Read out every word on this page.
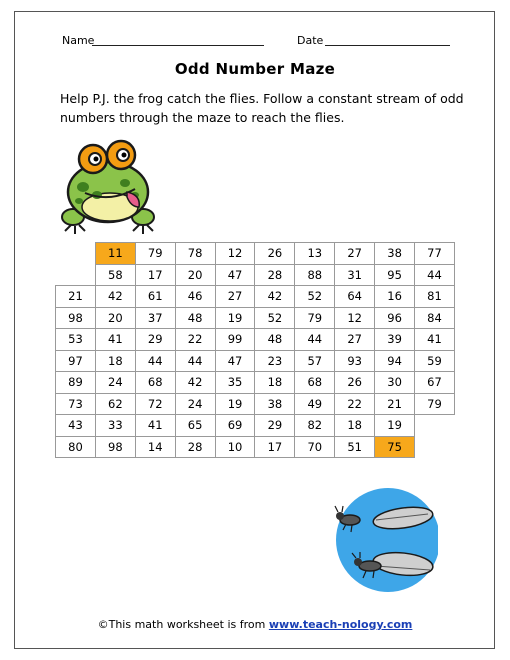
Name	Date
Odd Number Maze
Help P.J. the frog catch the flies. Follow a constant stream of odd numbers through the maze to reach the flies.
	11	79	78	12	26	13	27	38	77
	58	17	20	47	28	88	31	95	44
21	42	61	46	27	42	52	64	16	81
98	20	37	48	19	52	79	12	96	84
53	41	29	22	99	48	44	27	39	41
97	18	44	44	47	23	57	93	94	59
89	24	68	42	35	18	68	26	30	67
73	62	72	24	19	38	49	22	21	79
43	33	41	65	69	29	82	18	19	
80	98	14	28	10	17	70	51	75	
©This math worksheet is from www.teach-nology.com
